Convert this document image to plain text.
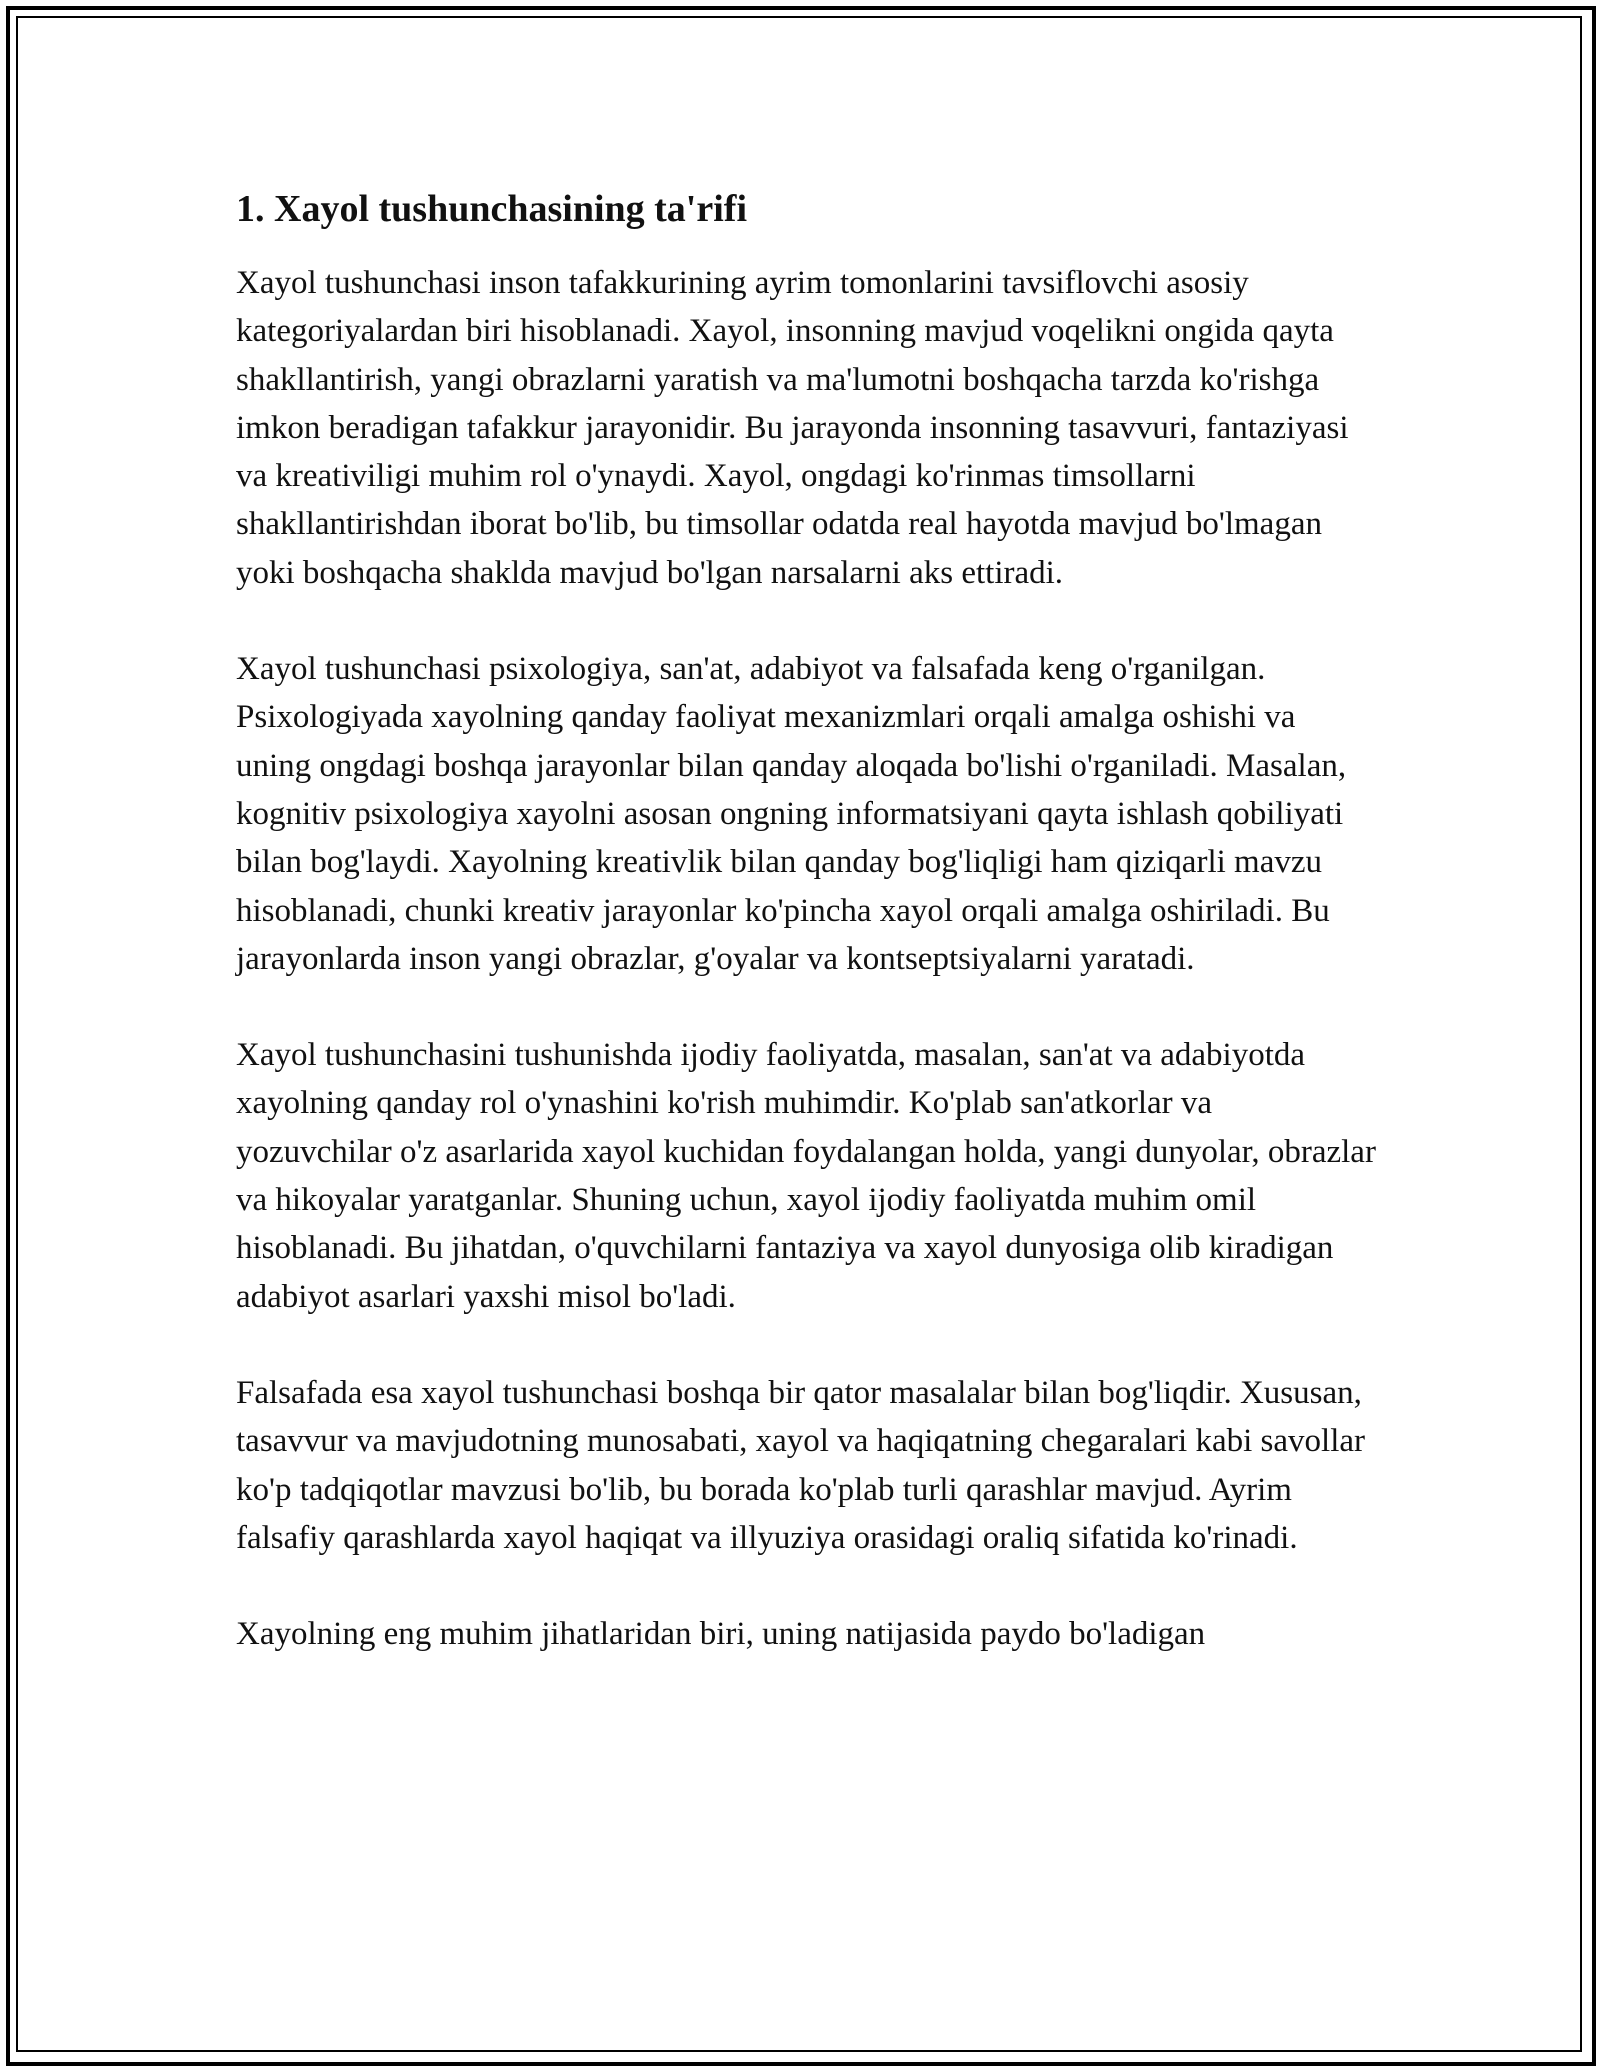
1. Xayol tushunchasining ta'rifi

Xayol tushunchasi inson tafakkurining ayrim tomonlarini tavsiflovchi asosiy kategoriyalardan biri hisoblanadi. Xayol, insonning mavjud voqelikni ongida qayta shakllantirish, yangi obrazlarni yaratish va ma'lumotni boshqacha tarzda ko'rishga imkon beradigan tafakkur jarayonidir. Bu jarayonda insonning tasavvuri, fantaziyasi va kreativiligi muhim rol o'ynaydi. Xayol, ongdagi ko'rinmas timsollarni shakllantirishdan iborat bo'lib, bu timsollar odatda real hayotda mavjud bo'lmagan yoki boshqacha shaklda mavjud bo'lgan narsalarni aks ettiradi.

Xayol tushunchasi psixologiya, san'at, adabiyot va falsafada keng o'rganilgan. Psixologiyada xayolning qanday faoliyat mexanizmlari orqali amalga oshishi va uning ongdagi boshqa jarayonlar bilan qanday aloqada bo'lishi o'rganiladi. Masalan, kognitiv psixologiya xayolni asosan ongning informatsiyani qayta ishlash qobiliyati bilan bog'laydi. Xayolning kreativlik bilan qanday bog'liqligi ham qiziqarli mavzu hisoblanadi, chunki kreativ jarayonlar ko'pincha xayol orqali amalga oshiriladi. Bu jarayonlarda inson yangi obrazlar, g'oyalar va kontseptsiyalarni yaratadi.

Xayol tushunchasini tushunishda ijodiy faoliyatda, masalan, san'at va adabiyotda xayolning qanday rol o'ynashini ko'rish muhimdir. Ko'plab san'atkorlar va yozuvchilar o'z asarlarida xayol kuchidan foydalangan holda, yangi dunyolar, obrazlar va hikoyalar yaratganlar. Shuning uchun, xayol ijodiy faoliyatda muhim omil hisoblanadi. Bu jihatdan, o'quvchilarni fantaziya va xayol dunyosiga olib kiradigan adabiyot asarlari yaxshi misol bo'ladi.

Falsafada esa xayol tushunchasi boshqa bir qator masalalar bilan bog'liqdir. Xususan, tasavvur va mavjudotning munosabati, xayol va haqiqatning chegaralari kabi savollar ko'p tadqiqotlar mavzusi bo'lib, bu borada ko'plab turli qarashlar mavjud. Ayrim falsafiy qarashlarda xayol haqiqat va illyuziya orasidagi oraliq sifatida ko'rinadi.

Xayolning eng muhim jihatlaridan biri, uning natijasida paydo bo'ladigan
